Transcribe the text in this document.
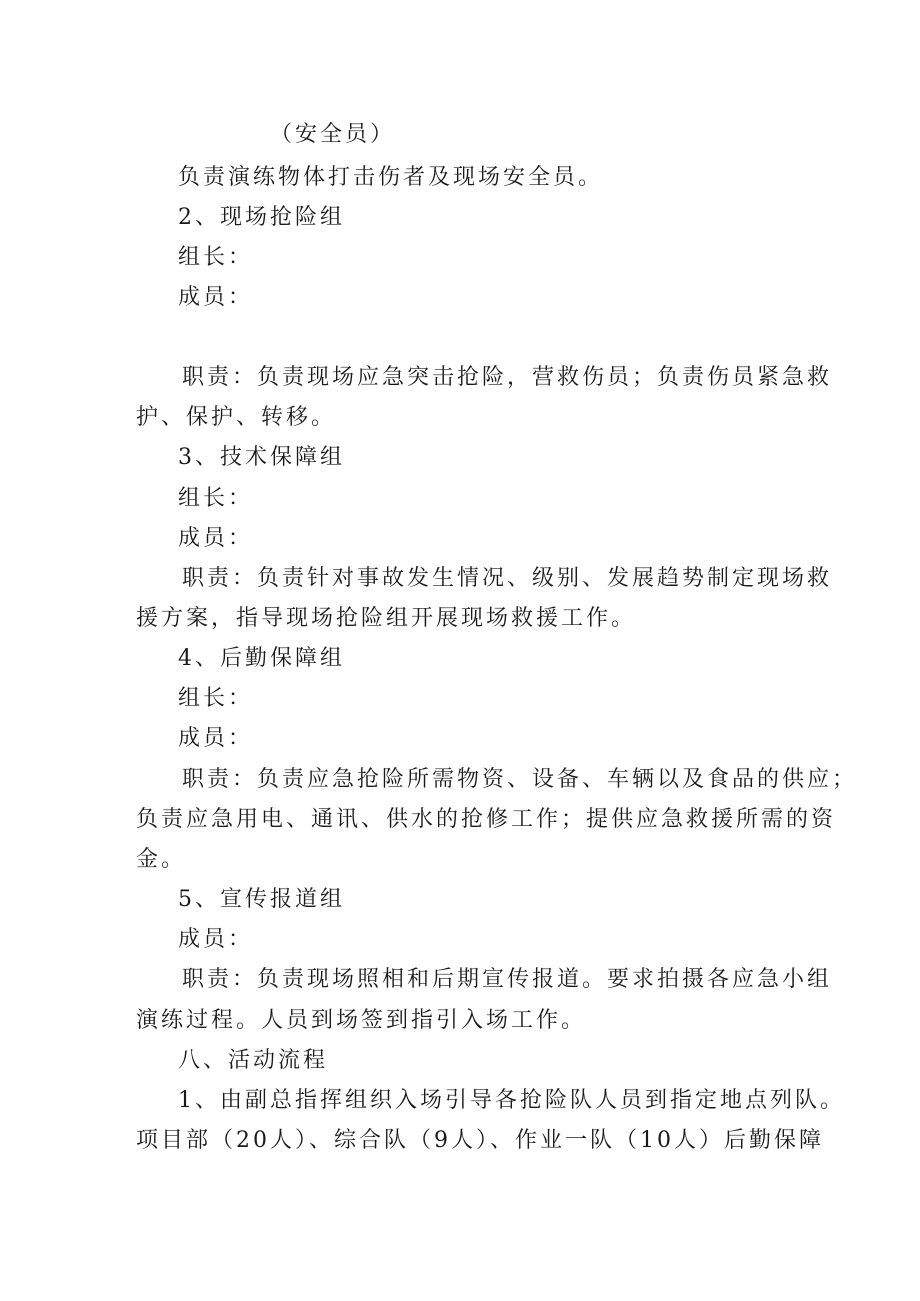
（安全员）
负责演练物体打击伤者及现场安全员。
2、现场抢险组
组长：
成员：
职责：负责现场应急突击抢险，营救伤员；负责伤员紧急救
护、保护、转移。
3、技术保障组
组长：
成员：
职责：负责针对事故发生情况、级别、发展趋势制定现场救
援方案，指导现场抢险组开展现场救援工作。
4、后勤保障组
组长：
成员：
职责：负责应急抢险所需物资、设备、车辆以及食品的供应；
负责应急用电、通讯、供水的抢修工作；提供应急救援所需的资
金。
5、宣传报道组
成员：
职责：负责现场照相和后期宣传报道。要求拍摄各应急小组
演练过程。人员到场签到指引入场工作。
八、活动流程
1、由副总指挥组织入场引导各抢险队人员到指定地点列队。
项目部（20人）、综合队（9人）、作业一队（10人）后勤保障
